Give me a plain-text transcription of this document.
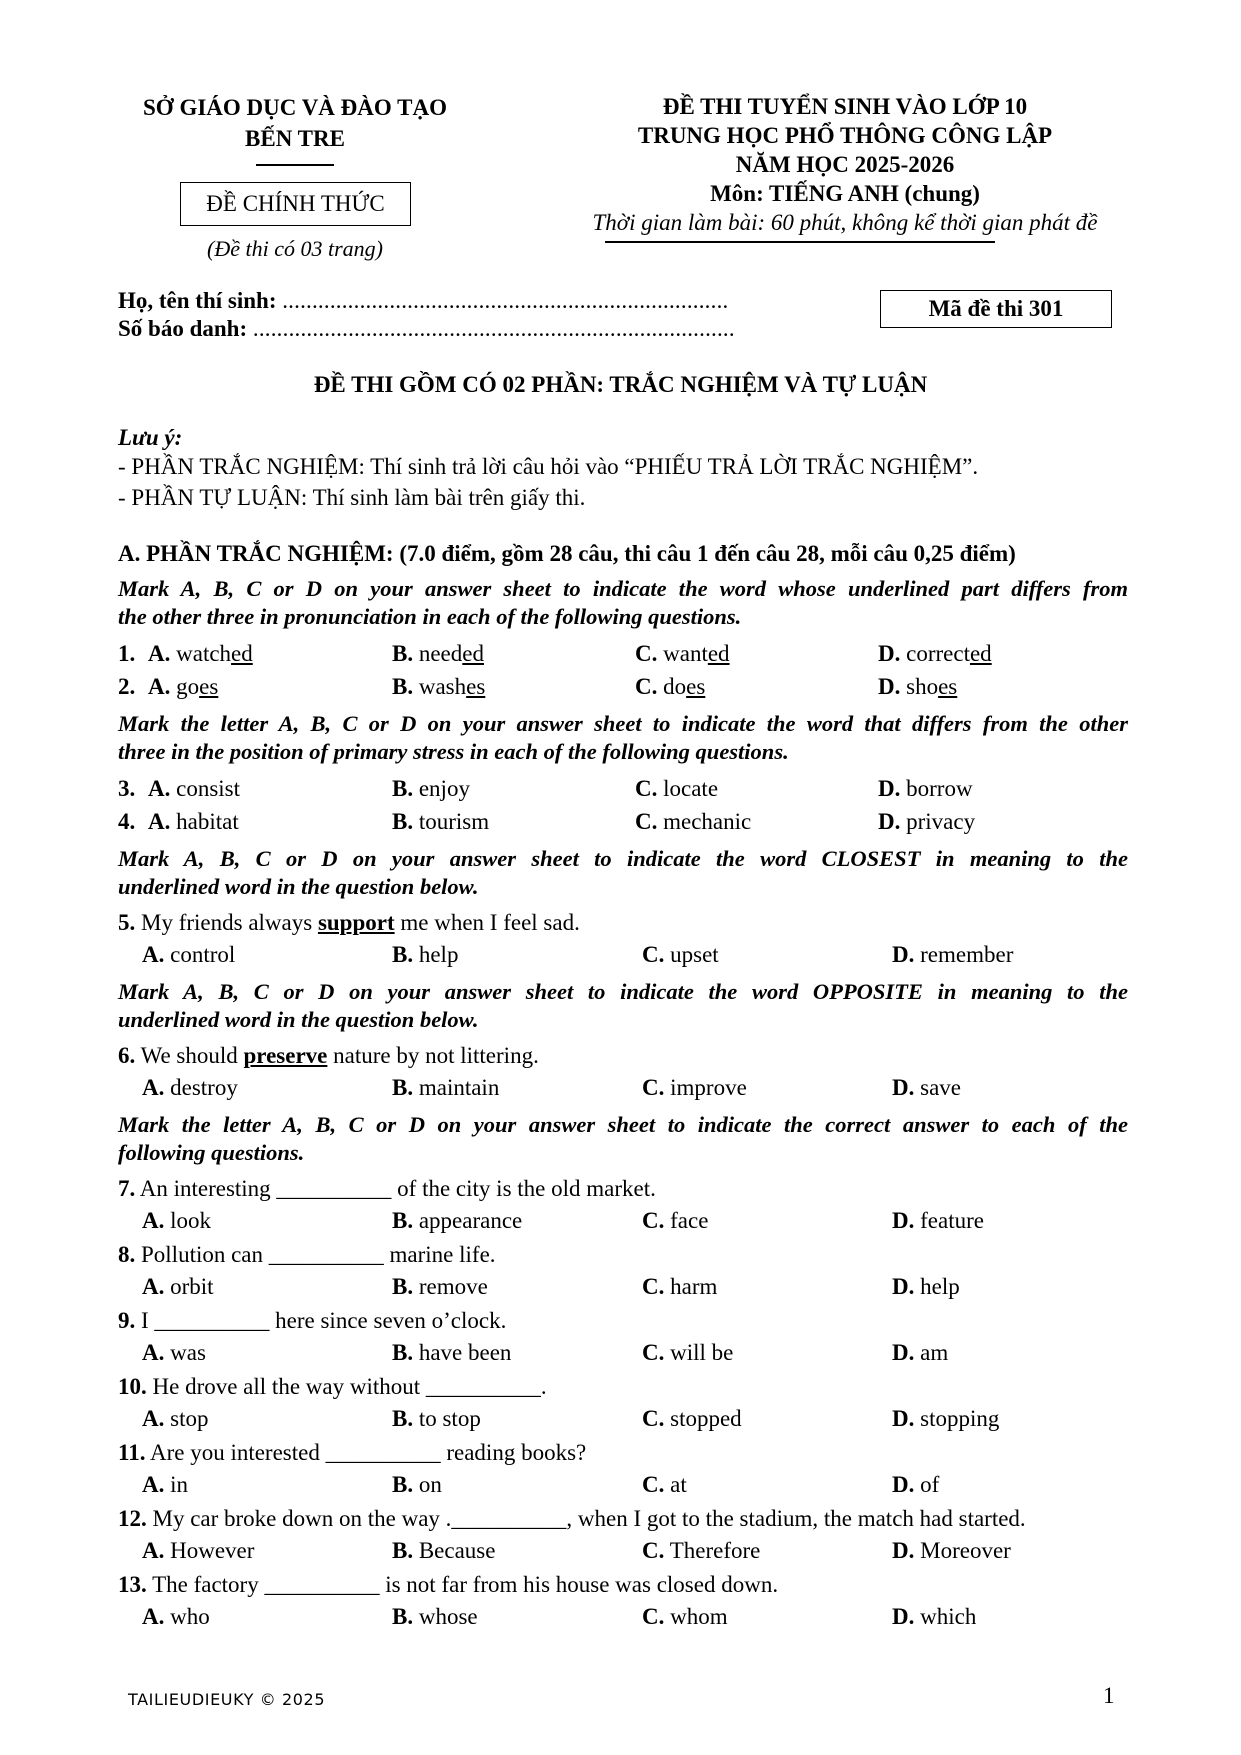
SỞ GIÁO DỤC VÀ ĐÀO TẠO
BẾN TRE
ĐỀ CHÍNH THỨC
(Đề thi có 03 trang)
ĐỀ THI TUYỂN SINH VÀO LỚP 10
TRUNG HỌC PHỔ THÔNG CÔNG LẬP
NĂM HỌC 2025-2026
Môn: TIẾNG ANH (chung)
Thời gian làm bài: 60 phút, không kể thời gian phát đề
Họ, tên thí sinh: ...........................................................................
Số báo danh: .................................................................................
Mã đề thi 301
ĐỀ THI GỒM CÓ 02 PHẦN: TRẮC NGHIỆM VÀ TỰ LUẬN
Lưu ý:
- PHẦN TRẮC NGHIỆM: Thí sinh trả lời câu hỏi vào “PHIẾU TRẢ LỜI TRẮC NGHIỆM”.
- PHẦN TỰ LUẬN: Thí sinh làm bài trên giấy thi.
A. PHẦN TRẮC NGHIỆM: (7.0 điểm, gồm 28 câu, thi câu 1 đến câu 28, mỗi câu 0,25 điểm)
Mark A, B, C or D on your answer sheet to indicate the word whose underlined part differs from
the other three in pronunciation in each of the following questions.
1. A. watched	B. needed	C. wanted	D. corrected
2. A. goes	B. washes	C. does	D. shoes
Mark the letter A, B, C or D on your answer sheet to indicate the word that differs from the other
three in the position of primary stress in each of the following questions.
3. A. consist	B. enjoy	C. locate	D. borrow
4. A. habitat	B. tourism	C. mechanic	D. privacy
Mark A, B, C or D on your answer sheet to indicate the word CLOSEST in meaning to the
underlined word in the question below.
5. My friends always support me when I feel sad.
A. control	B. help	C. upset	D. remember
Mark A, B, C or D on your answer sheet to indicate the word OPPOSITE in meaning to the
underlined word in the question below.
6. We should preserve nature by not littering.
A. destroy	B. maintain	C. improve	D. save
Mark the letter A, B, C or D on your answer sheet to indicate the correct answer to each of the
following questions.
7. An interesting __________ of the city is the old market.
A. look	B. appearance	C. face	D. feature
8. Pollution can __________ marine life.
A. orbit	B. remove	C. harm	D. help
9. I __________ here since seven o’clock.
A. was	B. have been	C. will be	D. am
10. He drove all the way without __________.
A. stop	B. to stop	C. stopped	D. stopping
11. Are you interested __________ reading books?
A. in	B. on	C. at	D. of
12. My car broke down on the way .__________, when I got to the stadium, the match had started.
A. However	B. Because	C. Therefore	D. Moreover
13. The factory __________ is not far from his house was closed down.
A. who	B. whose	C. whom	D. which
TAILIEUDIEUKY © 2025	1
